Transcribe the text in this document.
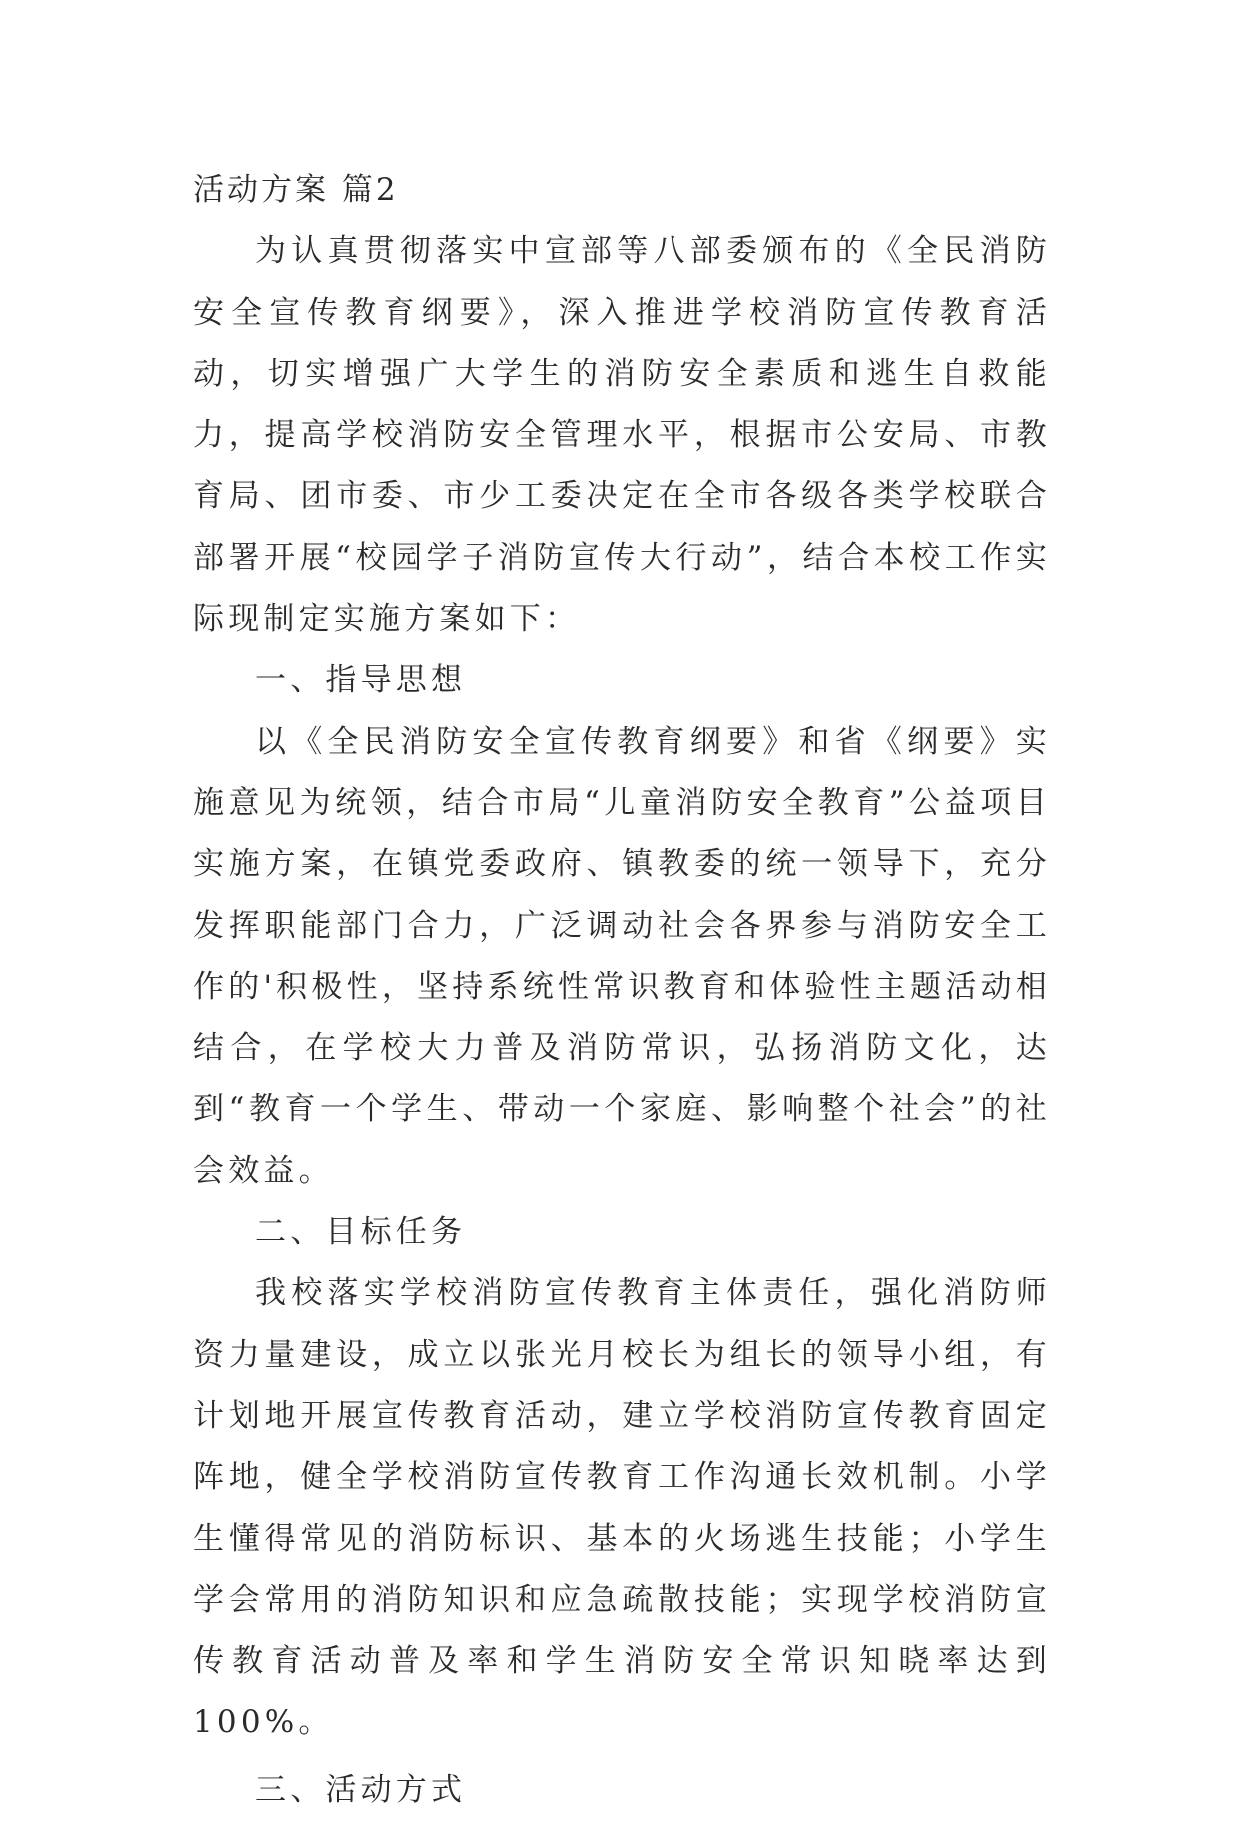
活动方案 篇2

为认真贯彻落实中宣部等八部委颁布的《全民消防安全宣传教育纲要》，深入推进学校消防宣传教育活动，切实增强广大学生的消防安全素质和逃生自救能力，提高学校消防安全管理水平，根据市公安局、市教育局、团市委、市少工委决定在全市各级各类学校联合部署开展“校园学子消防宣传大行动”，结合本校工作实际现制定实施方案如下：

一、指导思想

以《全民消防安全宣传教育纲要》和省《纲要》实施意见为统领，结合市局“儿童消防安全教育”公益项目实施方案，在镇党委政府、镇教委的统一领导下，充分发挥职能部门合力，广泛调动社会各界参与消防安全工作的'积极性，坚持系统性常识教育和体验性主题活动相结合，在学校大力普及消防常识，弘扬消防文化，达到“教育一个学生、带动一个家庭、影响整个社会”的社会效益。

二、目标任务

我校落实学校消防宣传教育主体责任，强化消防师资力量建设，成立以张光月校长为组长的领导小组，有计划地开展宣传教育活动，建立学校消防宣传教育固定阵地，健全学校消防宣传教育工作沟通长效机制。小学生懂得常见的消防标识、基本的火场逃生技能；小学生学会常用的消防知识和应急疏散技能；实现学校消防宣传教育活动普及率和学生消防安全常识知晓率达到100%。

三、活动方式
